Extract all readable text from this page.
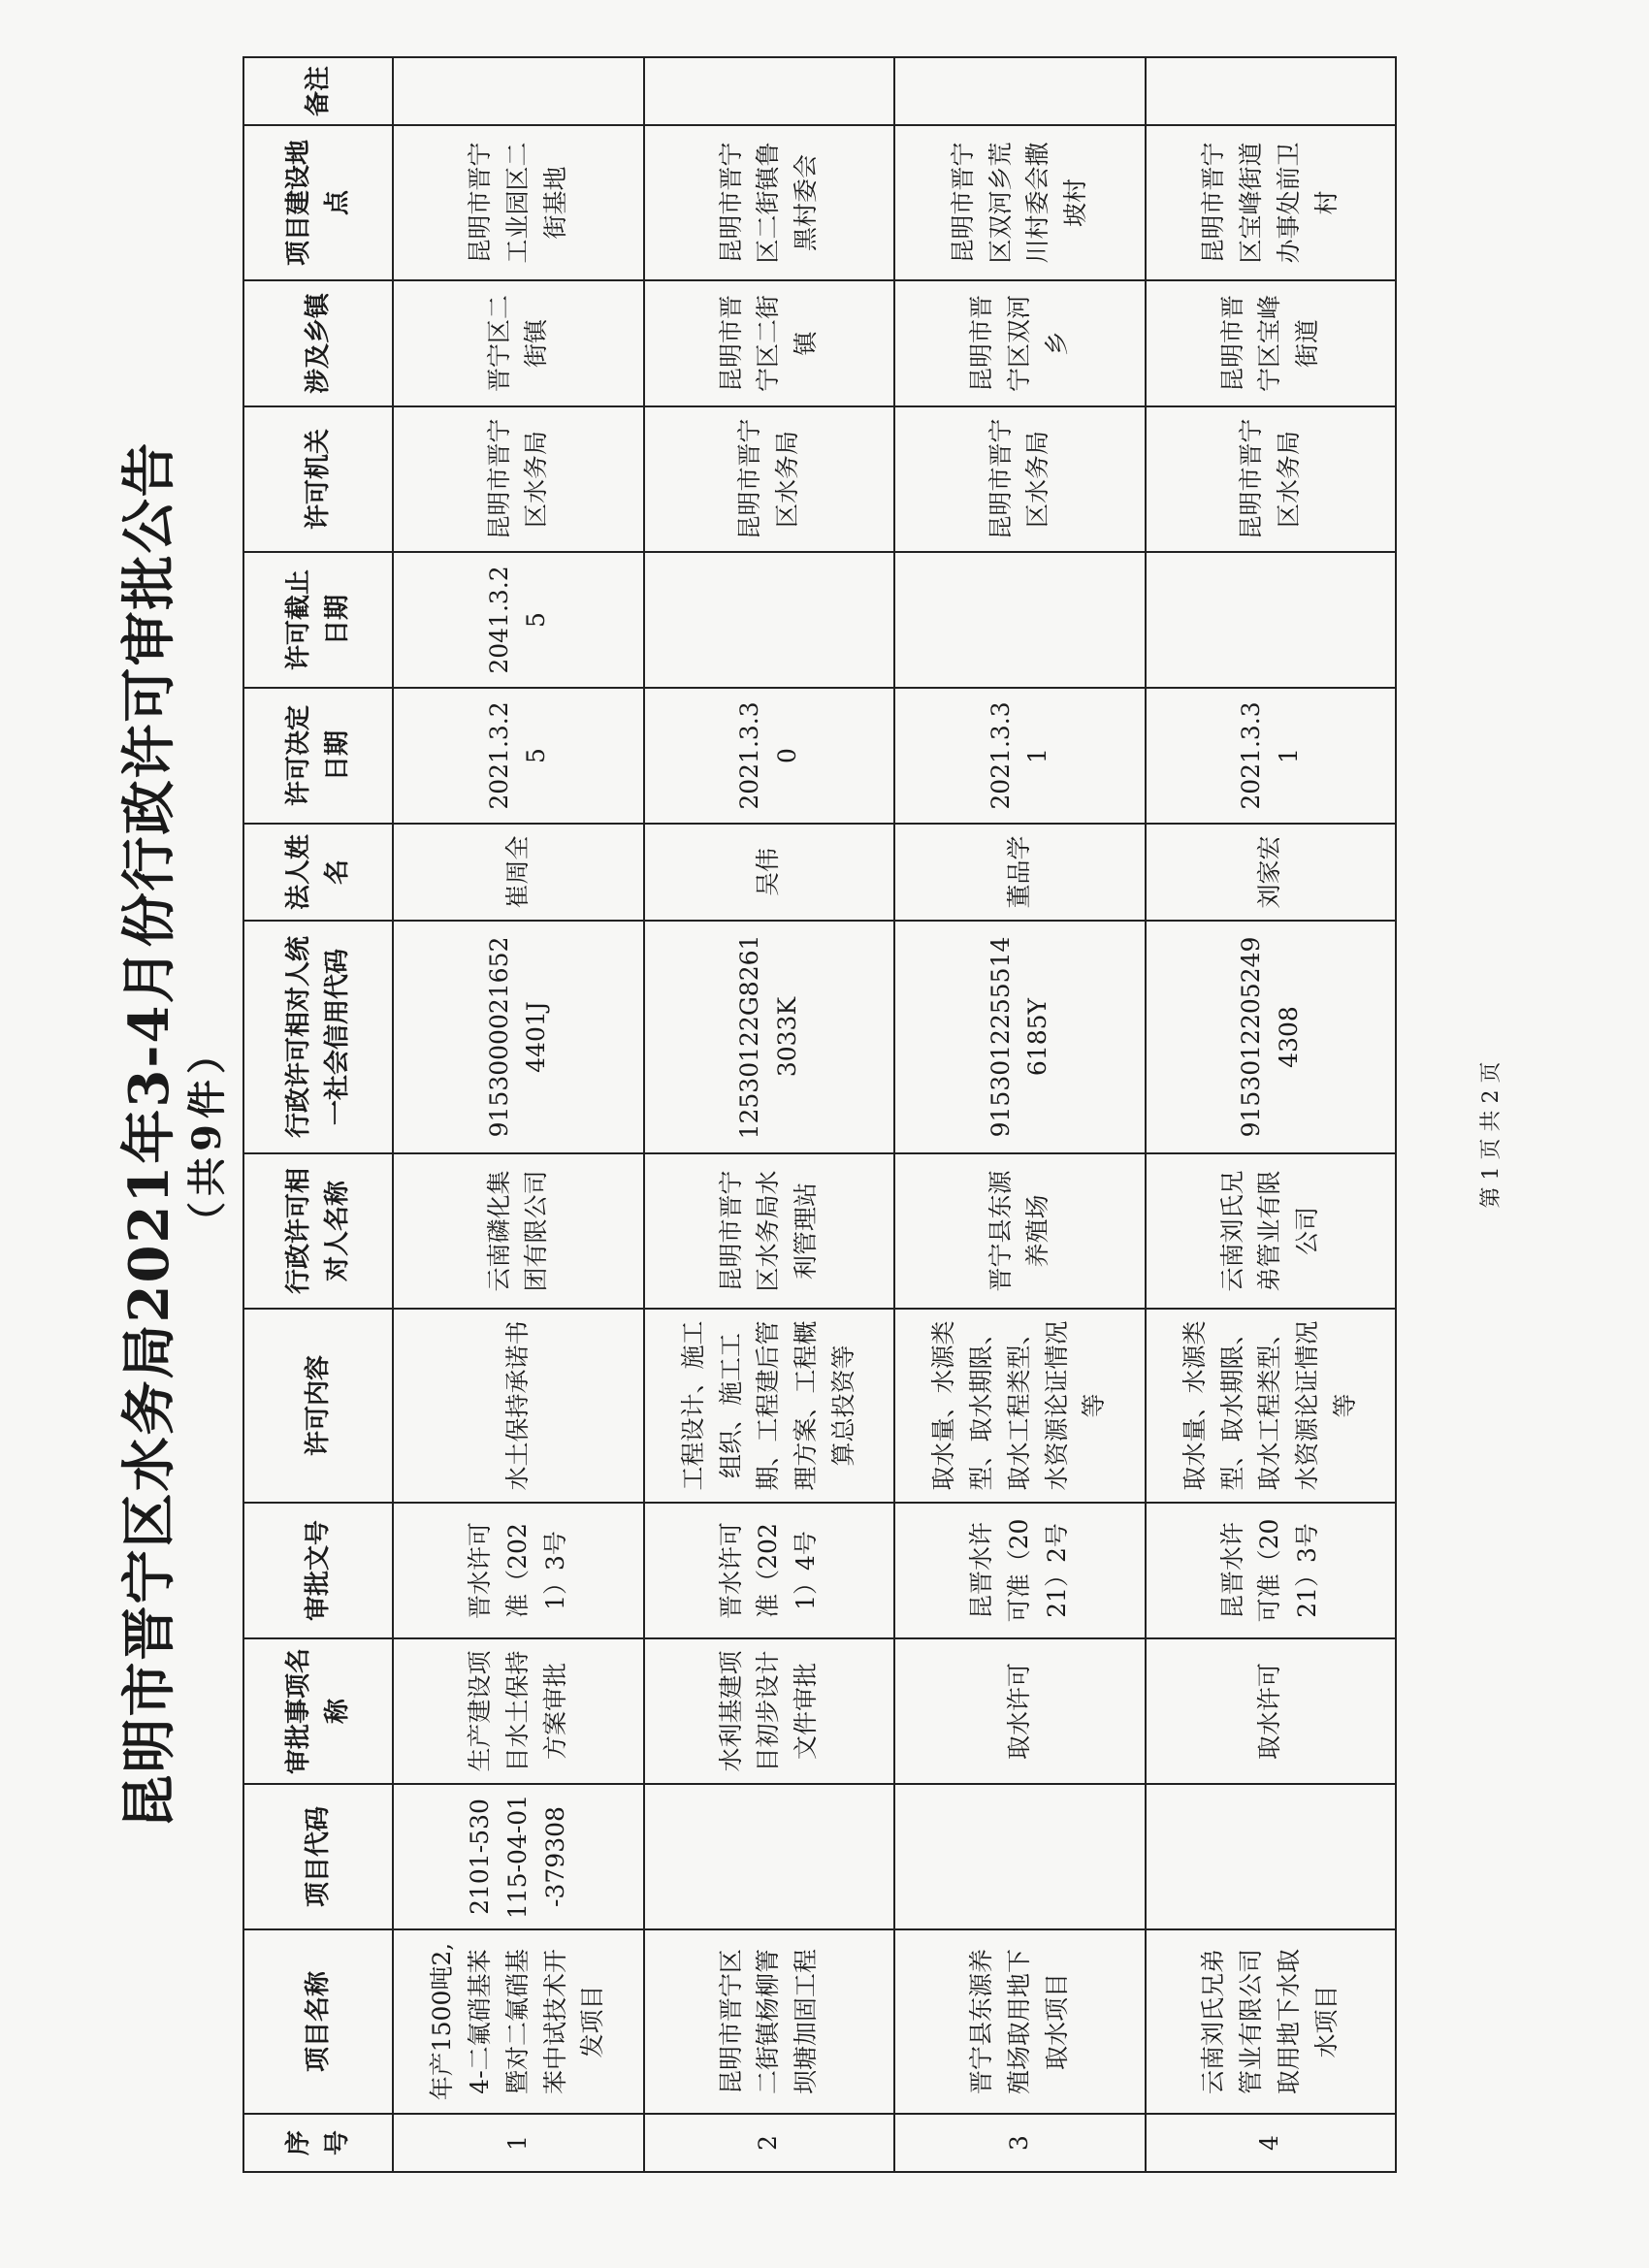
昆明市晋宁区水务局2021年3-4月份行政许可审批公告 （共9件）
序号	项目名称	项目代码	审批事项名称	审批文号	许可内容	行政许可相对人名称	行政许可相对人统一社会信用代码	法人姓名	许可决定日期	许可截止日期	许可机关	涉及乡镇	项目建设地点	备注
1	年产1500吨2,4-二氟硝基苯暨对二氟硝基苯中试技术开发项目	2101-530115-04-01-379308	生产建设项目水土保持方案审批	晋水许可准（2021）3号	水土保持承诺书	云南磷化集团有限公司	91530000216524401J	崔周全	2021.3.25	2041.3.25	昆明市晋宁区水务局	晋宁区二街镇	昆明市晋宁工业园区二街基地	
2	昆明市晋宁区二街镇杨柳箐坝塘加固工程		水利基建项目初步设计文件审批	晋水许可准（2021）4号	工程设计、施工组织、施工工期、工程建后管理方案、工程概算总投资等	昆明市晋宁区水务局水利管理站	12530122G82613033K	吴伟	2021.3.30		昆明市晋宁区水务局	昆明市晋宁区二街镇	昆明市晋宁区二街镇鲁黑村委会	
3	晋宁县东源养殖场取用地下取水项目		取水许可	昆晋水许可准（2021）2号	取水量、水源类型、取水期限、取水工程类型、水资源论证情况等	晋宁县东源养殖场	91530122555146185Y	董品学	2021.3.31		昆明市晋宁区水务局	昆明市晋宁区双河乡	昆明市晋宁区双河乡荒川村委会撒坡村	
4	云南刘氏兄弟管业有限公司取用地下水取水项目		取水许可	昆晋水许可准（2021）3号	取水量、水源类型、取水期限、取水工程类型、水资源论证情况等	云南刘氏兄弟管业有限公司	91530122052494308	刘家宏	2021.3.31		昆明市晋宁区水务局	昆明市晋宁区宝峰街道	昆明市晋宁区宝峰街道办事处前卫村	
第 1 页 共 2 页
